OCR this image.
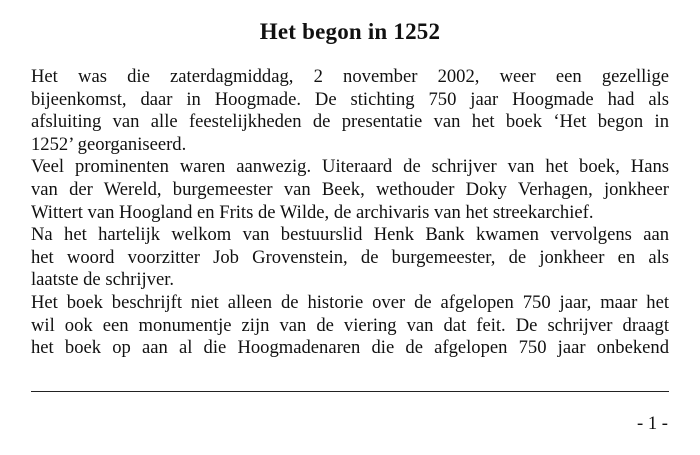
Het begon in 1252
Het was die zaterdagmiddag, 2 november 2002, weer een gezellige
bijeenkomst, daar in Hoogmade. De stichting 750 jaar Hoogmade had als
afsluiting van alle feestelijkheden de presentatie van het boek ‘Het begon in
1252’ georganiseerd.
Veel prominenten waren aanwezig. Uiteraard de schrijver van het boek, Hans
van der Wereld, burgemeester van Beek, wethouder Doky Verhagen, jonkheer
Wittert van Hoogland en Frits de Wilde, de archivaris van het streekarchief.
Na het hartelijk welkom van bestuurslid Henk Bank kwamen vervolgens aan
het woord voorzitter Job Grovenstein, de burgemeester, de jonkheer en als
laatste de schrijver.
Het boek beschrijft niet alleen de historie over de afgelopen 750 jaar, maar het
wil ook een monumentje zijn van de viering van dat feit. De schrijver draagt
het boek op aan al die Hoogmadenaren die de afgelopen 750 jaar onbekend
- 1 -
